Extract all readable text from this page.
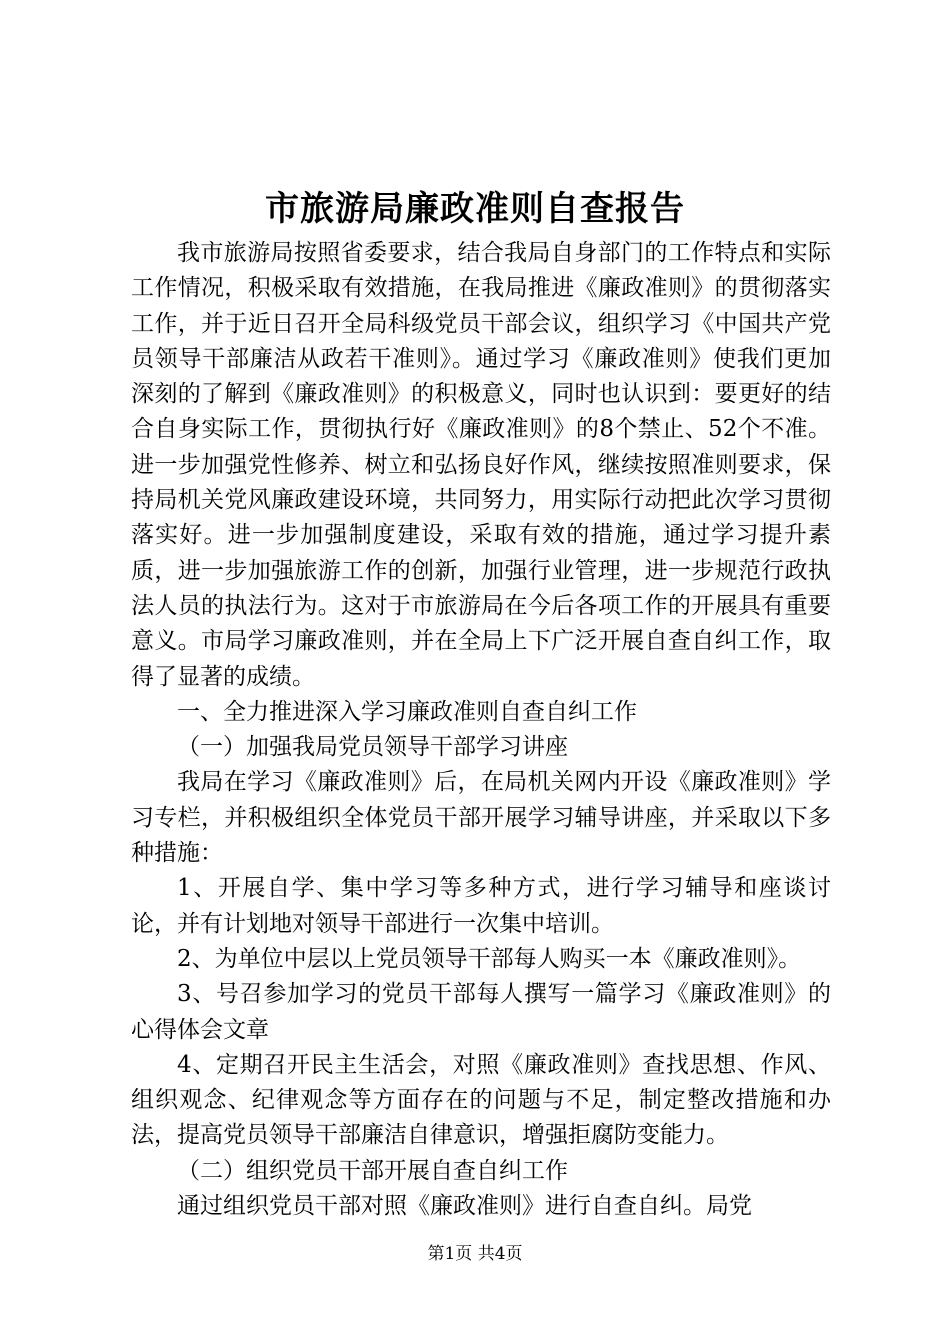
市旅游局廉政准则自查报告

我市旅游局按照省委要求，结合我局自身部门的工作特点和实际工作情况，积极采取有效措施，在我局推进《廉政准则》的贯彻落实工作，并于近日召开全局科级党员干部会议，组织学习《中国共产党员领导干部廉洁从政若干准则》。通过学习《廉政准则》使我们更加深刻的了解到《廉政准则》的积极意义，同时也认识到：要更好的结合自身实际工作，贯彻执行好《廉政准则》的8个禁止、52个不准。进一步加强党性修养、树立和弘扬良好作风，继续按照准则要求，保持局机关党风廉政建设环境，共同努力，用实际行动把此次学习贯彻落实好。进一步加强制度建设，采取有效的措施，通过学习提升素质，进一步加强旅游工作的创新，加强行业管理，进一步规范行政执法人员的执法行为。这对于市旅游局在今后各项工作的开展具有重要意义。市局学习廉政准则，并在全局上下广泛开展自查自纠工作，取得了显著的成绩。

一、全力推进深入学习廉政准则自查自纠工作

（一）加强我局党员领导干部学习讲座

我局在学习《廉政准则》后，在局机关网内开设《廉政准则》学习专栏，并积极组织全体党员干部开展学习辅导讲座，并采取以下多种措施：

1、开展自学、集中学习等多种方式，进行学习辅导和座谈讨论，并有计划地对领导干部进行一次集中培训。

2、为单位中层以上党员领导干部每人购买一本《廉政准则》。

3、号召参加学习的党员干部每人撰写一篇学习《廉政准则》的心得体会文章

4、定期召开民主生活会，对照《廉政准则》查找思想、作风、组织观念、纪律观念等方面存在的问题与不足，制定整改措施和办法，提高党员领导干部廉洁自律意识，增强拒腐防变能力。

（二）组织党员干部开展自查自纠工作

通过组织党员干部对照《廉政准则》进行自查自纠。局党

第1页 共4页
